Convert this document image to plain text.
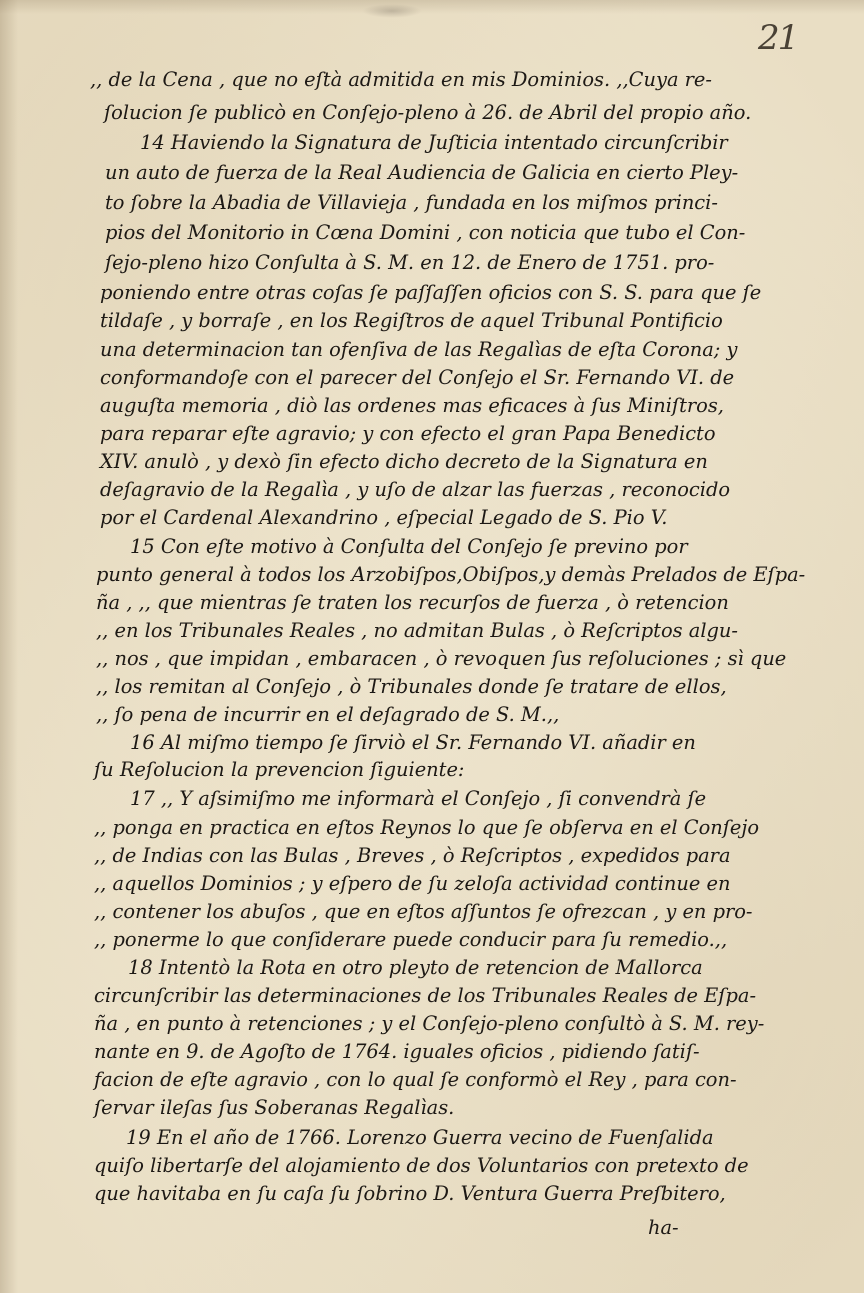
21
,, de la Cena , que no eſtà admitida en mis Dominios. ,,Cuya re-
ſolucion ſe publicò en Conſejo-pleno à 26. de Abril del propio año.
14 Haviendo la Signatura de Juſticia intentado circunſcribir
un auto de fuerza de la Real Audiencia de Galicia en cierto Pley-
to ſobre la Abadia de Villavieja , fundada en los miſmos princi-
pios del Monitorio in Cœna Domini , con noticia que tubo el Con-
ſejo-pleno hizo Conſulta à S. M. en 12. de Enero de 1751. pro-
poniendo entre otras coſas ſe paſſaſſen oficios con S. S. para que ſe
tildaſe , y borraſe , en los Regiſtros de aquel Tribunal Pontificio
una determinacion tan ofenſiva de las Regalìas de eſta Corona; y
conformandoſe con el parecer del Conſejo el Sr. Fernando VI. de
auguſta memoria , diò las ordenes mas eficaces à ſus Miniſtros,
para reparar eſte agravio; y con efecto el gran Papa Benedicto
XIV. anulò , y dexò ſin efecto dicho decreto de la Signatura en
deſagravio de la Regalìa , y uſo de alzar las fuerzas , reconocido
por el Cardenal Alexandrino , eſpecial Legado de S. Pio V.
15 Con eſte motivo à Conſulta del Conſejo ſe previno por
punto general à todos los Arzobiſpos,Obiſpos,y demàs Prelados de Eſpa-
ña , ,, que mientras ſe traten los recurſos de fuerza , ò retencion
,, en los Tribunales Reales , no admitan Bulas , ò Reſcriptos algu-
,, nos , que impidan , embaracen , ò revoquen ſus reſoluciones ; sì que
,, los remitan al Conſejo , ò Tribunales donde ſe tratare de ellos,
,, ſo pena de incurrir en el deſagrado de S. M.,,
16 Al miſmo tiempo ſe ſirviò el Sr. Fernando VI. añadir en
ſu Reſolucion la prevencion ſiguiente:
17 ,, Y aſsimiſmo me informarà el Conſejo , ſi convendrà ſe
,, ponga en practica en eſtos Reynos lo que ſe obſerva en el Conſejo
,, de Indias con las Bulas , Breves , ò Reſcriptos , expedidos para
,, aquellos Dominios ; y eſpero de ſu zeloſa actividad continue en
,, contener los abuſos , que en eſtos aſſuntos ſe ofrezcan , y en pro-
,, ponerme lo que conſiderare puede conducir para ſu remedio.,,
18 Intentò la Rota en otro pleyto de retencion de Mallorca
circunſcribir las determinaciones de los Tribunales Reales de Eſpa-
ña , en punto à retenciones ; y el Conſejo-pleno conſultò à S. M. rey-
nante en 9. de Agoſto de 1764. iguales oficios , pidiendo ſatiſ-
facion de eſte agravio , con lo qual ſe conformò el Rey , para con-
ſervar ileſas ſus Soberanas Regalìas.
19 En el año de 1766. Lorenzo Guerra vecino de Fuenſalida
quiſo libertarſe del alojamiento de dos Voluntarios con pretexto de
que havitaba en ſu caſa ſu ſobrino D. Ventura Guerra Preſbitero,
ha-
